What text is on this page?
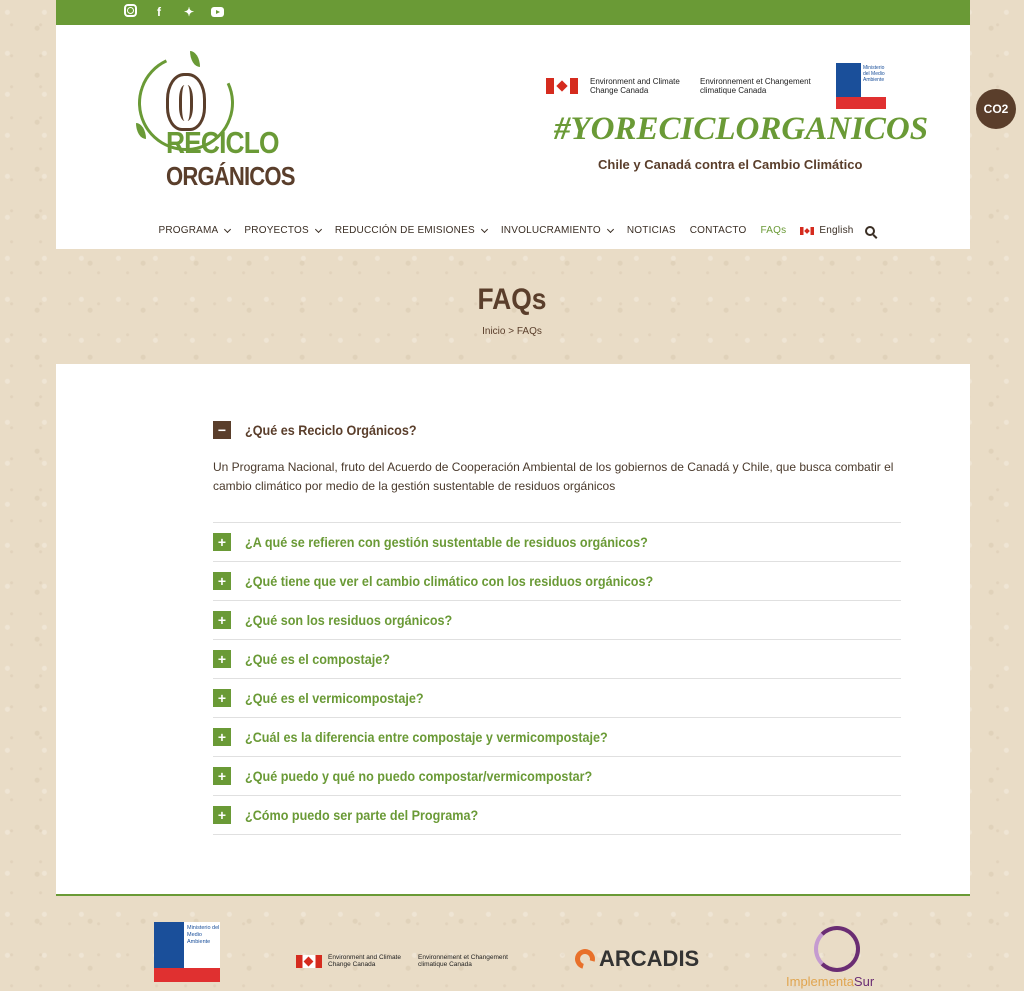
f	✦
RECICLO
ORGÁNICOS
Environment and Climate Change Canada
Environnement et Changement climatique Canada
Ministerio del Medio Ambiente
#YORECICLORGANICOS
Chile y Canadá contra el Cambio Climático
PROGRAMA	PROYECTOS	REDUCCIÓN DE EMISIONES	INVOLUCRAMIENTO	NOTICIAS	CONTACTO	FAQs	English
CO2
FAQs
Inicio > FAQs
−	¿Qué es Reciclo Orgánicos?
Un Programa Nacional, fruto del Acuerdo de Cooperación Ambiental de los gobiernos de Canadá y Chile, que busca combatir el cambio climático por medio de la gestión sustentable de residuos orgánicos
+	¿A qué se refieren con gestión sustentable de residuos orgánicos?
+	¿Qué tiene que ver el cambio climático con los residuos orgánicos?
+	¿Qué son los residuos orgánicos?
+	¿Qué es el compostaje?
+	¿Qué es el vermicompostaje?
+	¿Cuál es la diferencia entre compostaje y vermicompostaje?
+	¿Qué puedo y qué no puedo compostar/vermicompostar?
+	¿Cómo puedo ser parte del Programa?
Ministerio del Medio Ambiente
Environment and Climate Change Canada
Environnement et Changement climatique Canada	ARCADIS
ImplementaSur
